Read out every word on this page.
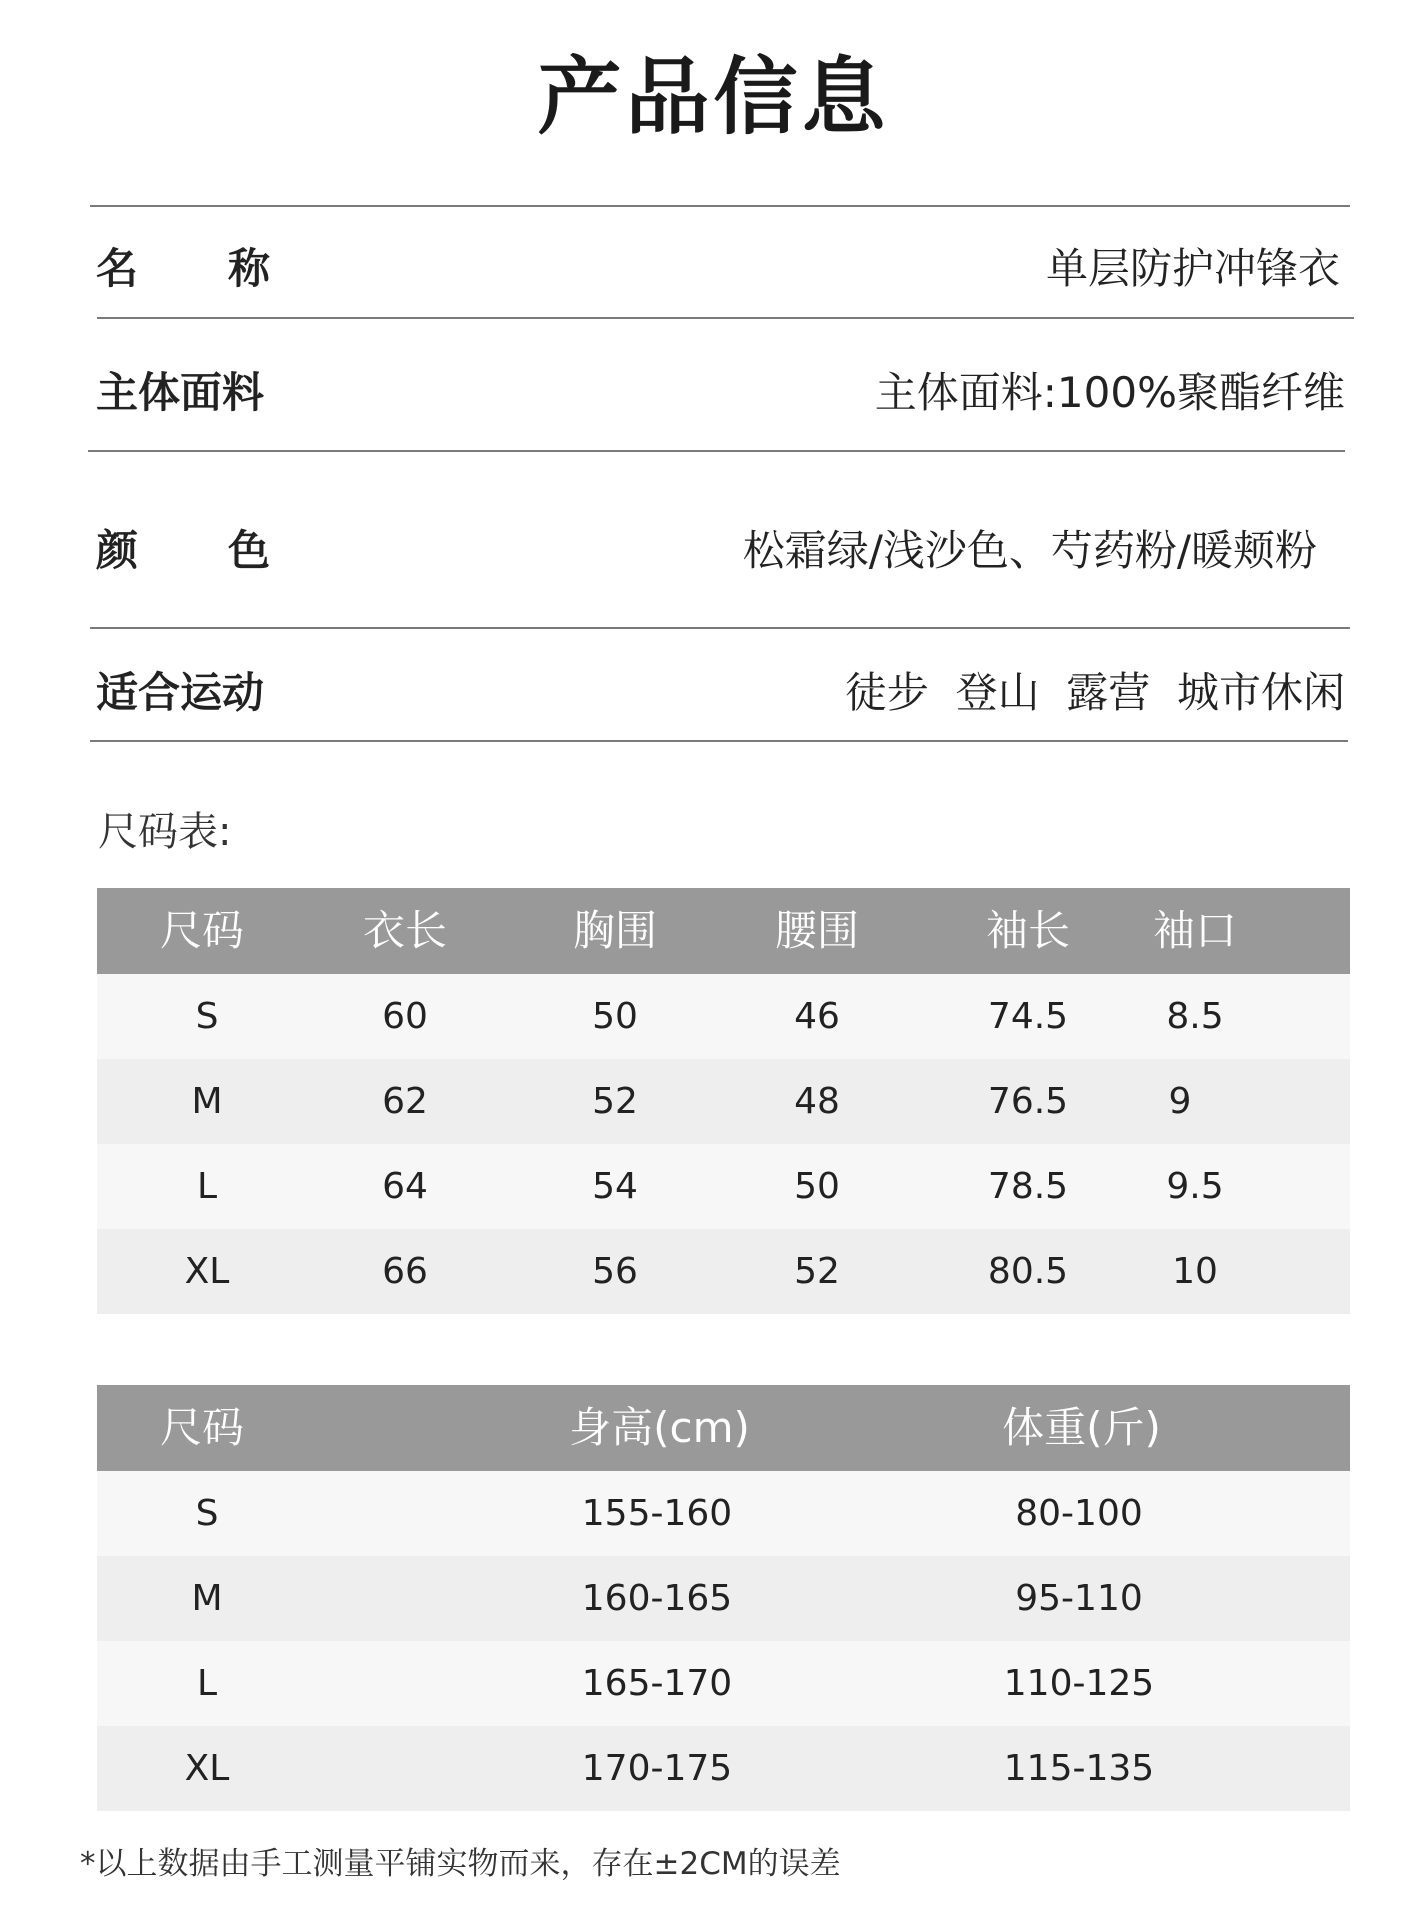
产品信息
名称	单层防护冲锋衣
主体面料	主体面料:100%聚酯纤维
颜色	松霜绿/浅沙色、芍药粉/暖颊粉
适合运动	徒步  登山  露营  城市休闲
尺码表:
尺码	衣长	胸围	腰围	袖长	袖口
S	60	50	46	74.5	8.5
M	62	52	48	76.5	9
L	64	54	50	78.5	9.5
XL	66	56	52	80.5	10
尺码	身高(cm)	体重(斤)
S	155-160	80-100
M	160-165	95-110
L	165-170	110-125
XL	170-175	115-135
*以上数据由手工测量平铺实物而来，存在±2CM的误差
